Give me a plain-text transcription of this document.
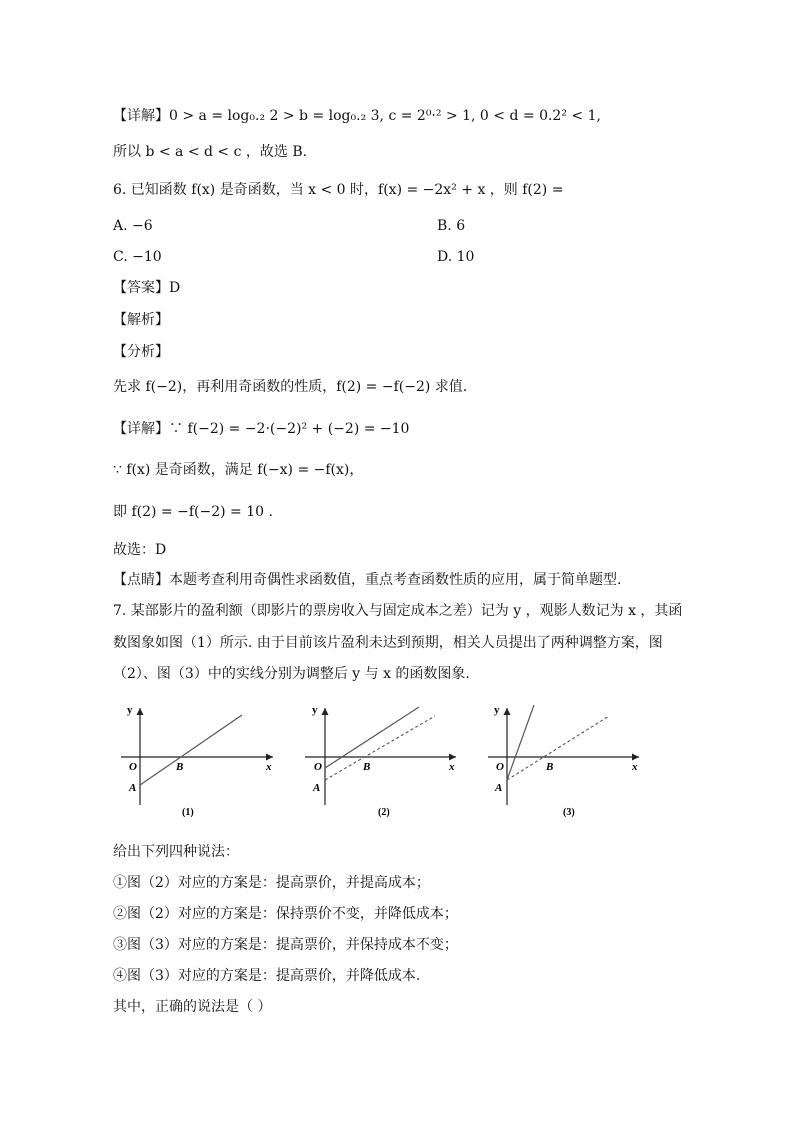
【详解】0 > a = log₀.₂ 2 > b = log₀.₂ 3, c = 2⁰·² > 1, 0 < d = 0.2² < 1,
所以 b < a < d < c ，故选 B.
6. 已知函数 f(x) 是奇函数，当 x < 0 时，f(x) = −2x² + x ，则 f(2) =
A. −6	B. 6
C. −10	D. 10
【答案】D
【解析】
【分析】
先求 f(−2)，再利用奇函数的性质，f(2) = −f(−2) 求值.
【详解】∵ f(−2) = −2·(−2)² + (−2) = −10
∵ f(x) 是奇函数，满足 f(−x) = −f(x)，
即 f(2) = −f(−2) = 10 .
故选：D
【点睛】本题考查利用奇偶性求函数值，重点考查函数性质的应用，属于简单题型.
7. 某部影片的盈利额（即影片的票房收入与固定成本之差）记为 y ，观影人数记为 x ，其函
数图象如图（1）所示. 由于目前该片盈利未达到预期，相关人员提出了两种调整方案，图
（2）、图（3）中的实线分别为调整后 y 与 x 的函数图象.
y
x
O	B
A
(1)
y
x
O	B
A
(2)
y
x
O	B
A
(3)
给出下列四种说法：
①图（2）对应的方案是：提高票价，并提高成本；
②图（2）对应的方案是：保持票价不变，并降低成本；
③图（3）对应的方案是：提高票价，并保持成本不变；
④图（3）对应的方案是：提高票价，并降低成本.
其中，正确的说法是（ ）
